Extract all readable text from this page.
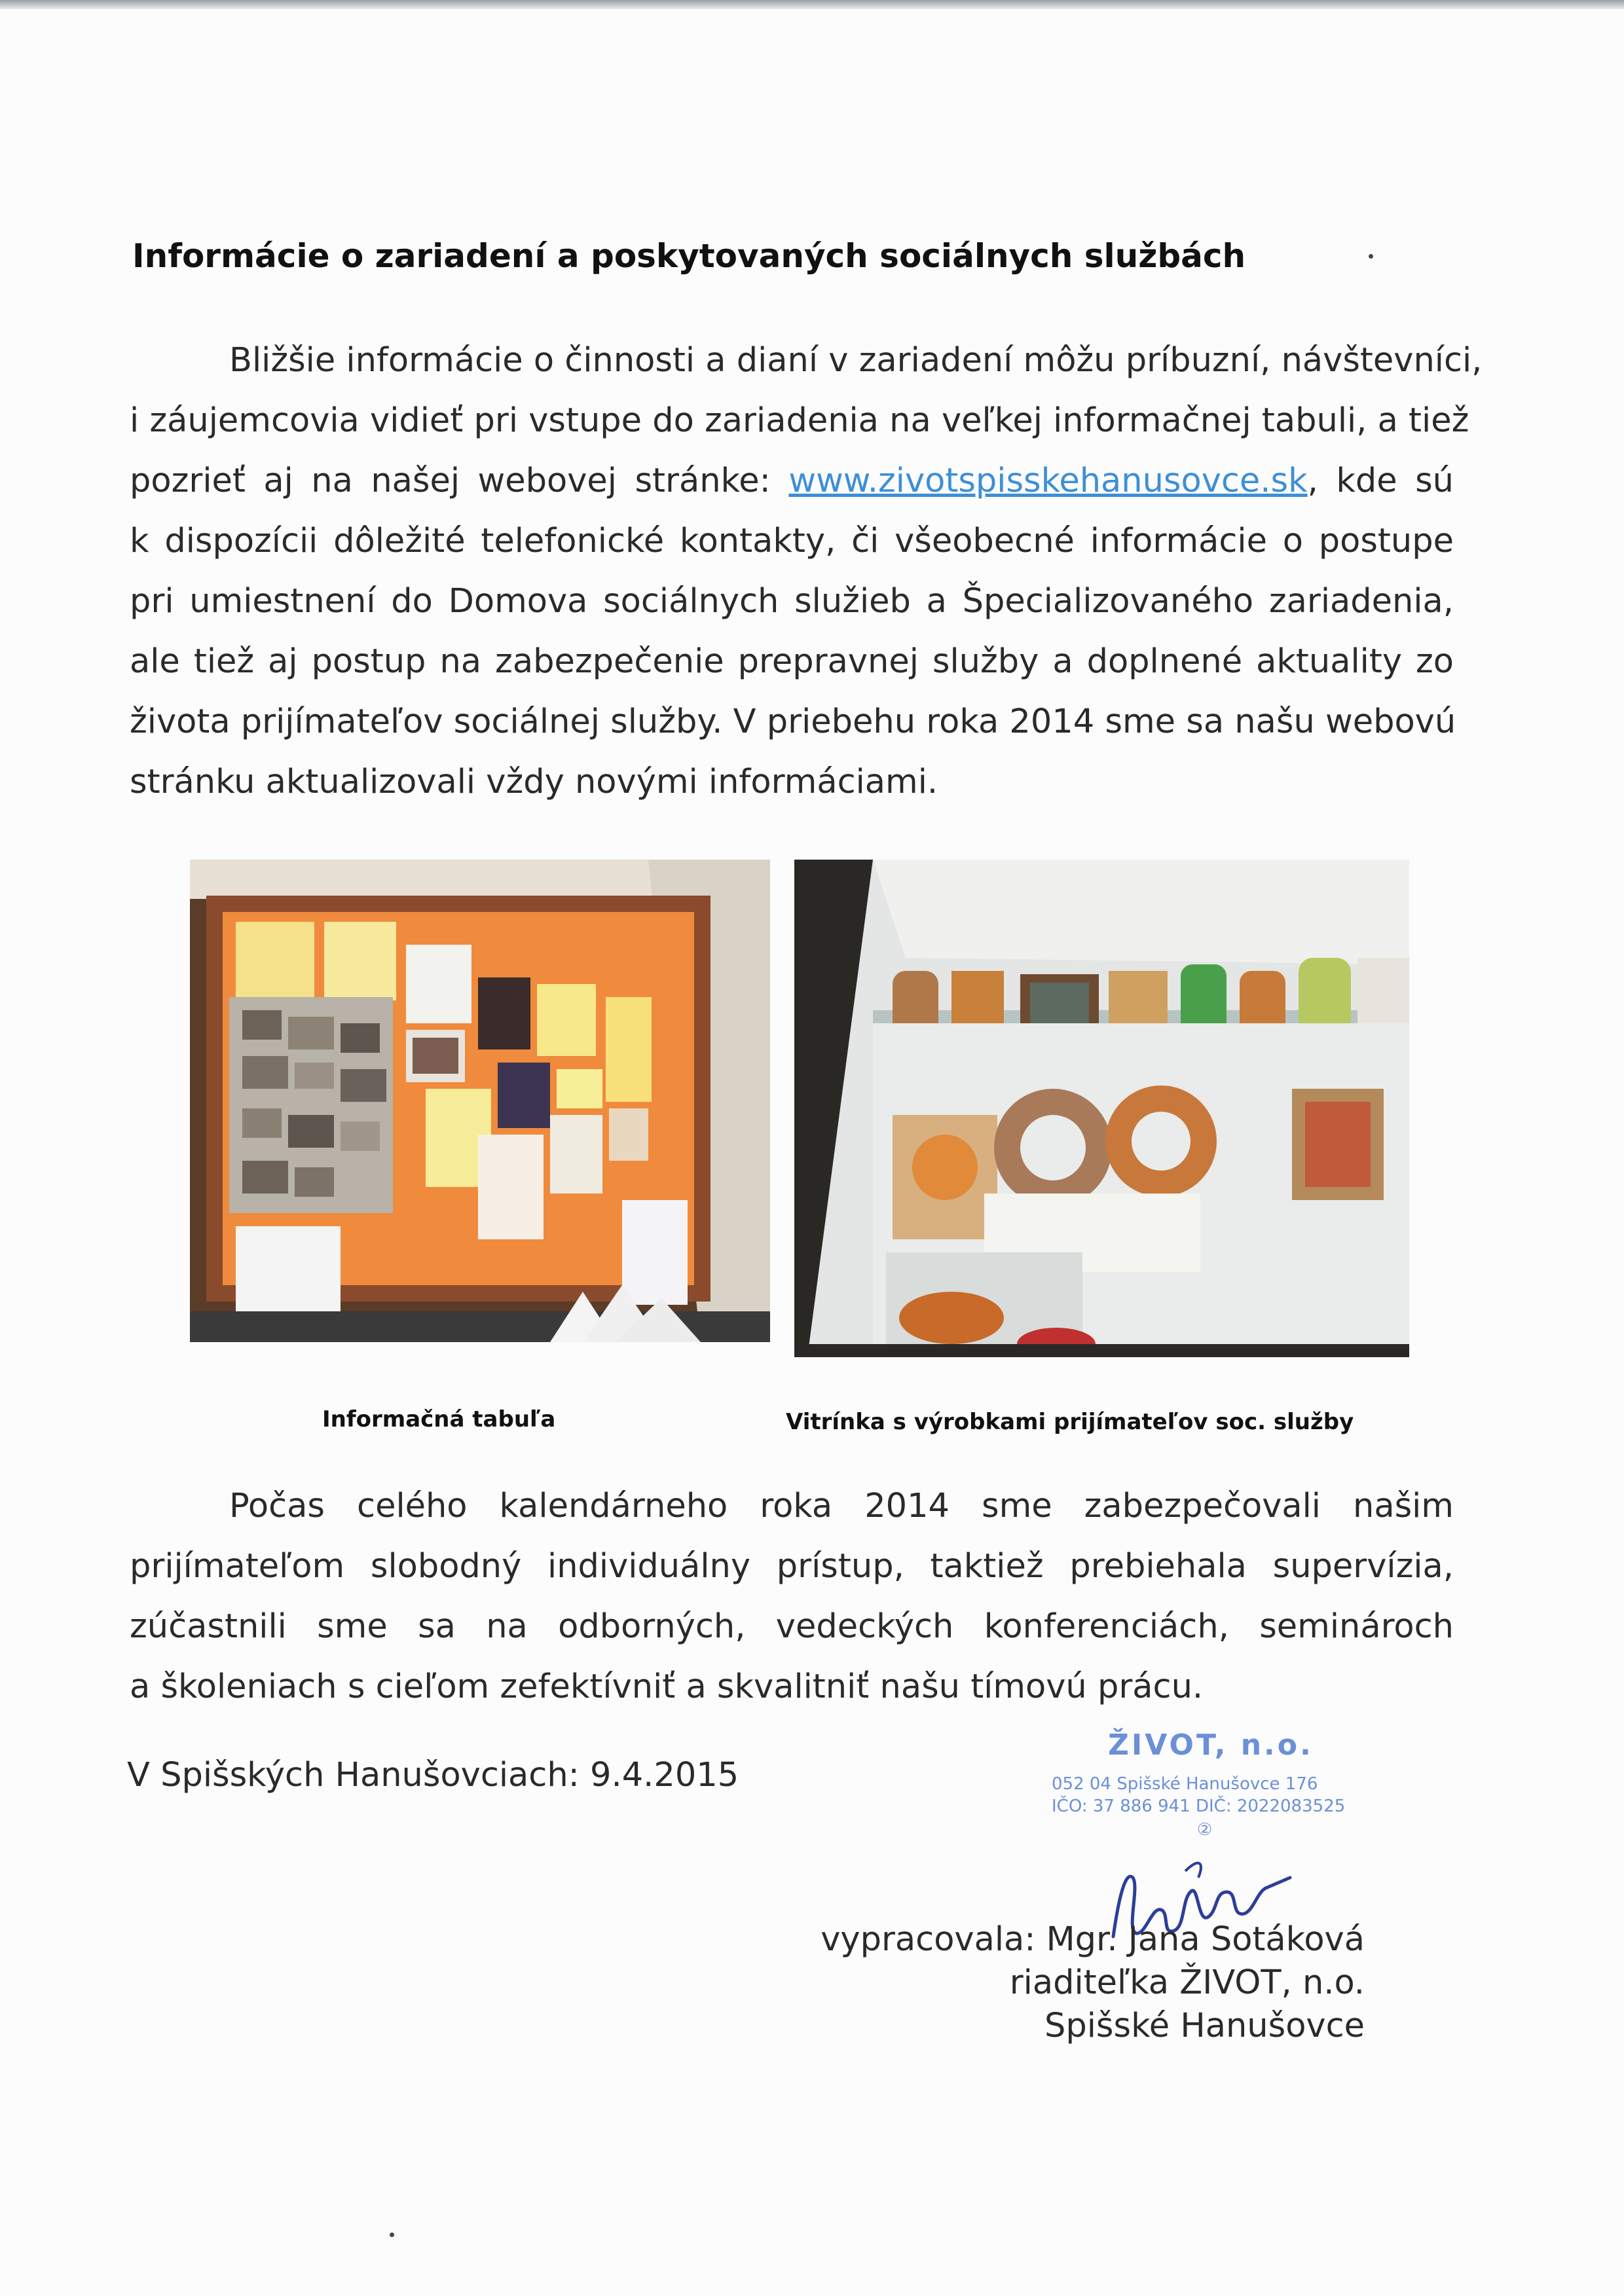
Informácie o zariadení a poskytovaných sociálnych službách
Bližšie informácie o činnosti a dianí v zariadení môžu príbuzní, návštevníci,
i záujemcovia vidieť pri vstupe do zariadenia na veľkej informačnej tabuli, a tiež
pozrieť aj na našej webovej stránke: www.zivotspisskehanusovce.sk, kde sú
k dispozícii dôležité telefonické kontakty, či všeobecné informácie o postupe
pri umiestnení do Domova sociálnych služieb a Špecializovaného zariadenia,
ale tiež aj postup na zabezpečenie prepravnej služby a doplnené aktuality zo
života prijímateľov sociálnej služby. V priebehu roka 2014 sme sa našu webovú
stránku aktualizovali vždy novými informáciami.
Informačná tabuľa	Vitrínka s výrobkami prijímateľov soc. služby
Počas celého kalendárneho roka 2014 sme zabezpečovali našim
prijímateľom slobodný individuálny prístup, taktiež prebiehala supervízia,
zúčastnili sme sa na odborných, vedeckých konferenciách, seminároch
a školeniach s cieľom zefektívniť a skvalitniť našu tímovú prácu.
V Spišských Hanušovciach: 9.4.2015
ŽIVOT, n.o.
052 04 Spišské Hanušovce 176
IČO: 37 886 941 DIČ: 2022083525
②
vypracovala: Mgr. Jana Sotáková
riaditeľka ŽIVOT, n.o.
Spišské Hanušovce
